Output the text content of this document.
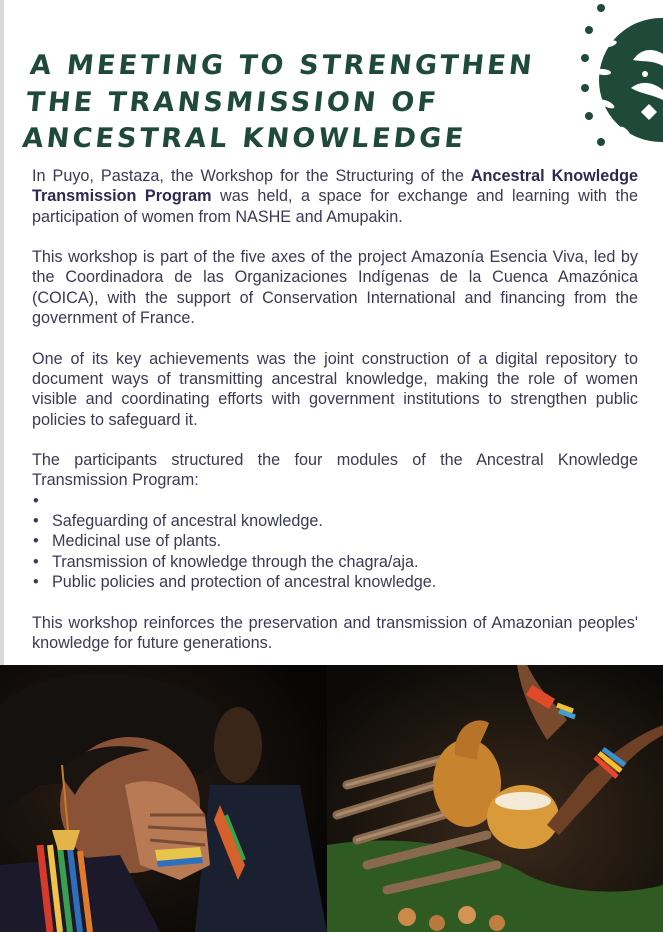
A MEETING TO STRENGTHEN THE TRANSMISSION OF ANCESTRAL KNOWLEDGE

In Puyo, Pastaza, the Workshop for the Structuring of the Ancestral Knowledge Transmission Program was held, a space for exchange and learning with the participation of women from NASHE and Amupakin.

This workshop is part of the five axes of the project Amazonía Esencia Viva, led by the Coordinadora de las Organizaciones Indígenas de la Cuenca Amazónica (COICA), with the support of Conservation International and financing from the government of France.

One of its key achievements was the joint construction of a digital repository to document ways of transmitting ancestral knowledge, making the role of women visible and coordinating efforts with government institutions to strengthen public policies to safeguard it.

The participants structured the four modules of the Ancestral Knowledge Transmission Program:

•
• Safeguarding of ancestral knowledge.
• Medicinal use of plants.
• Transmission of knowledge through the chagra/aja.
• Public policies and protection of ancestral knowledge.

This workshop reinforces the preservation and transmission of Amazonian peoples' knowledge for future generations.
